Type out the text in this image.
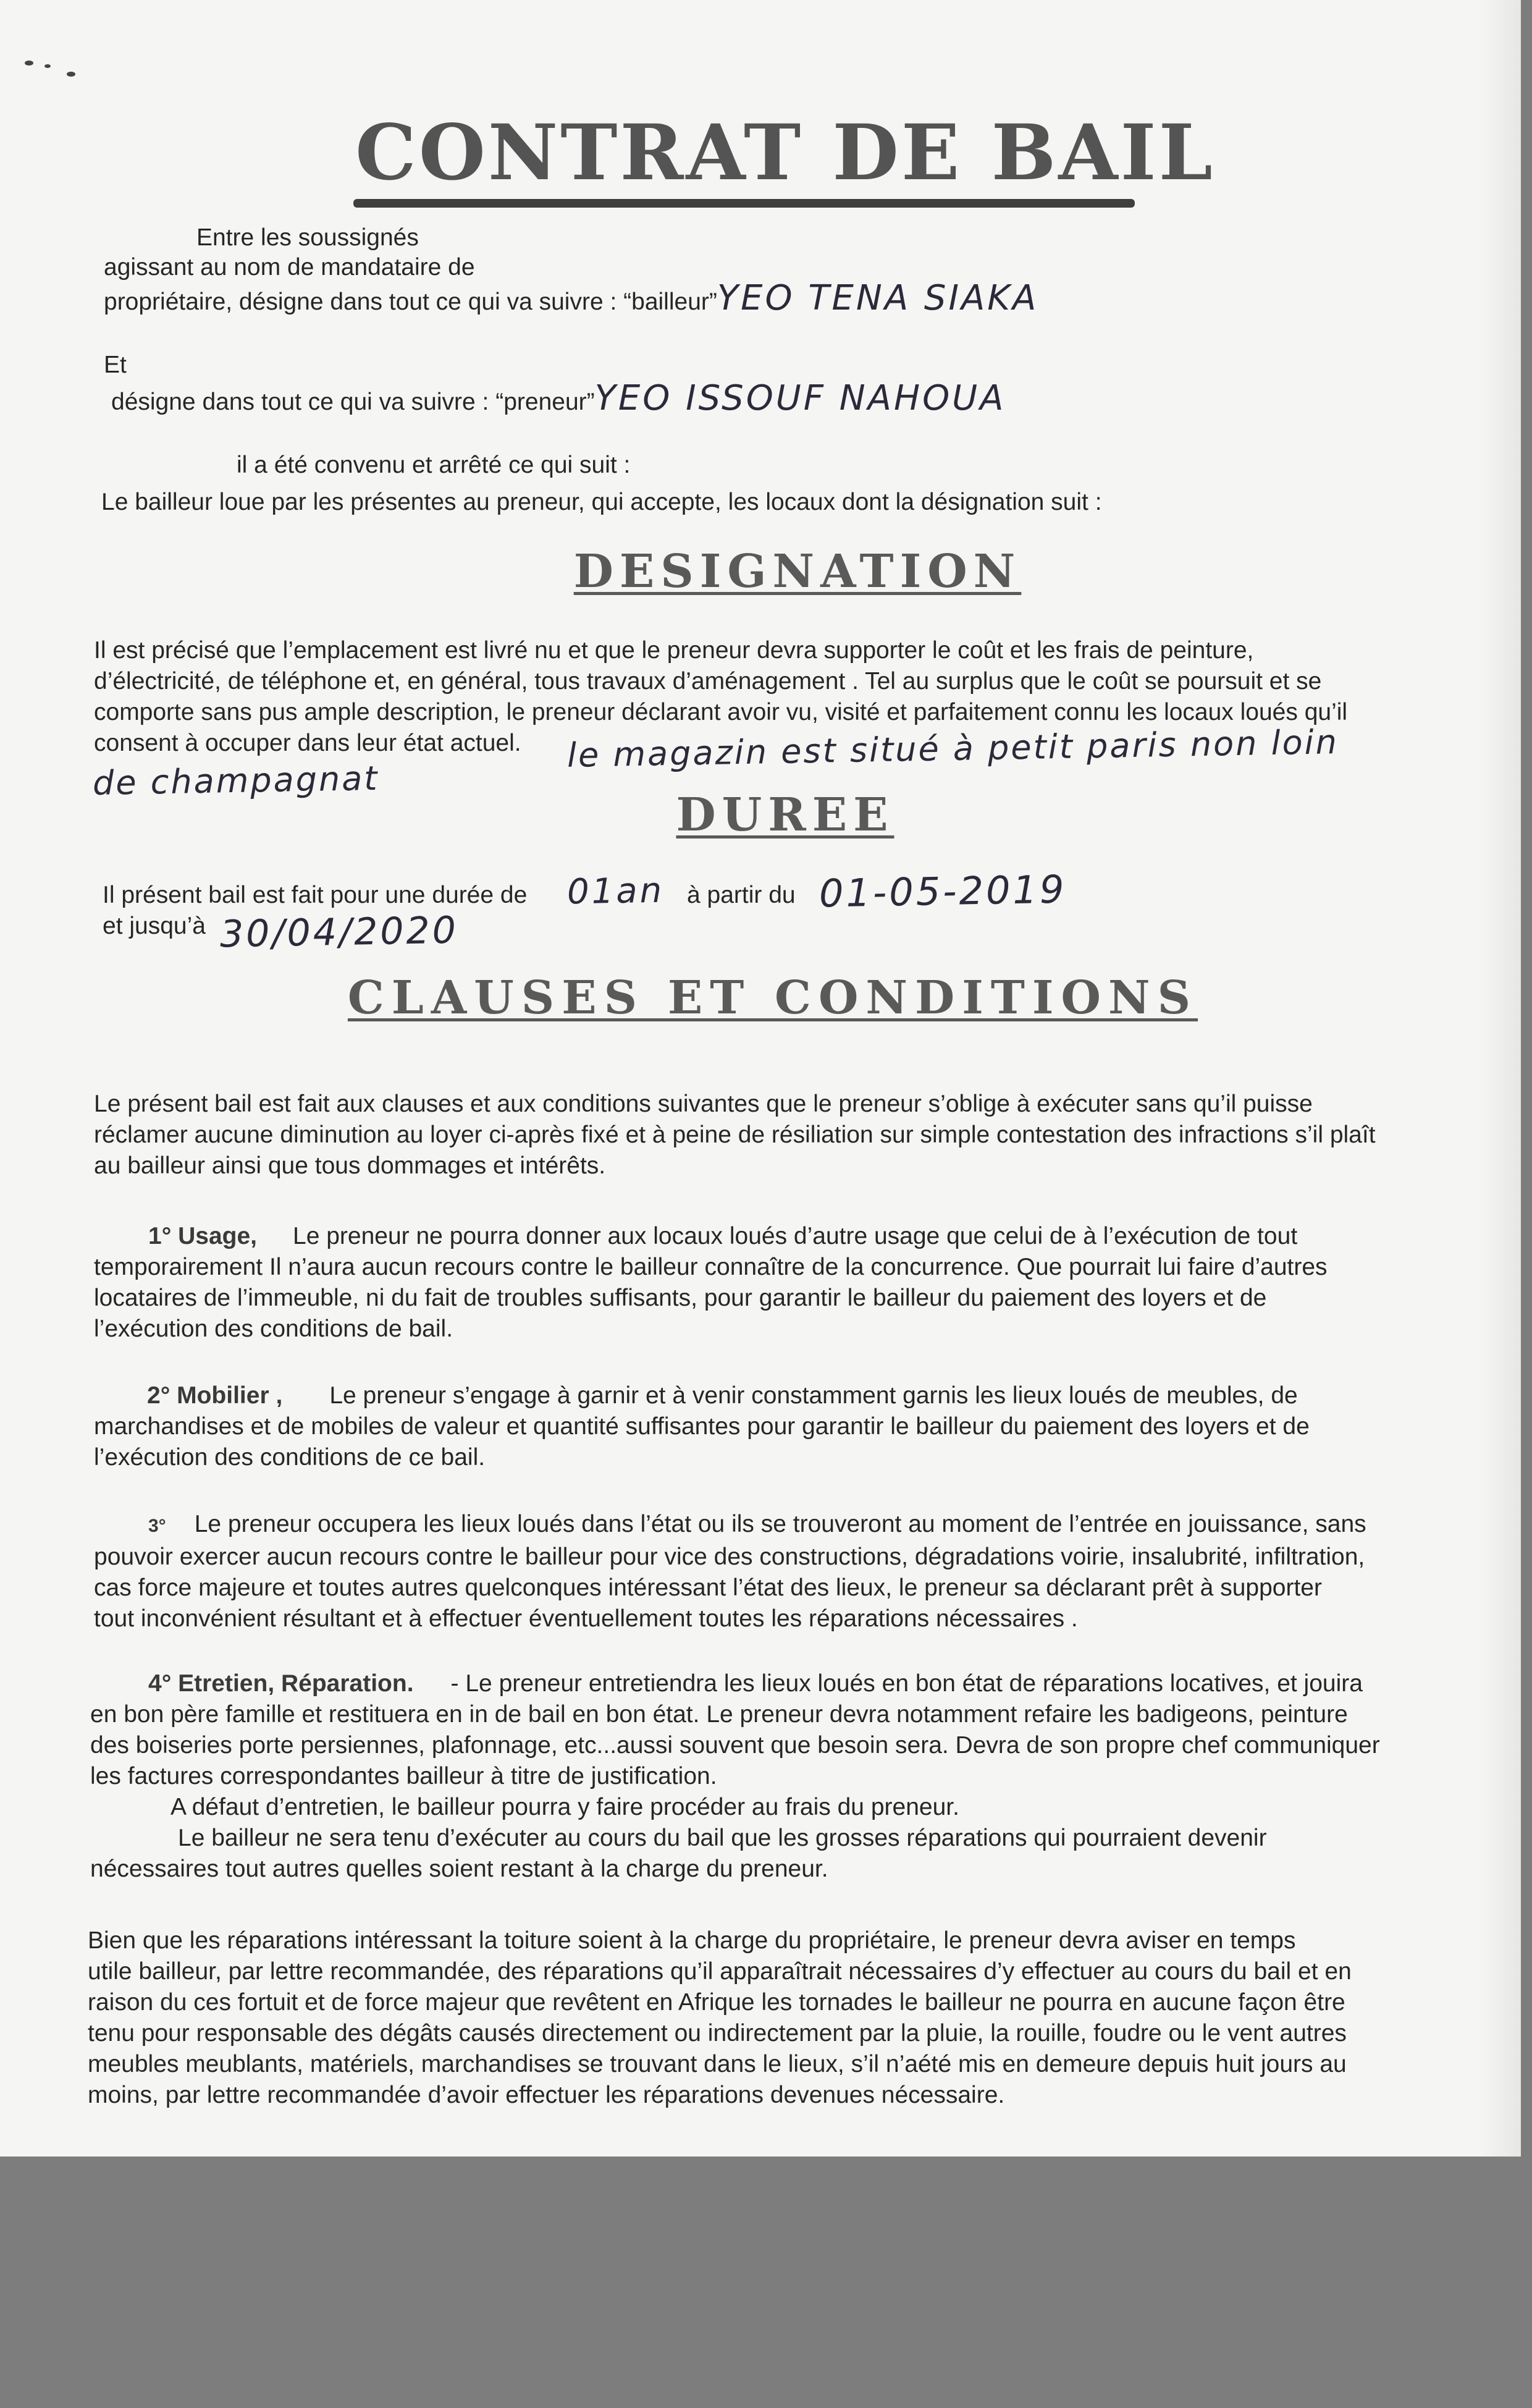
CONTRAT DE BAIL

Entre les soussignés

agissant au nom de mandataire de

propriétaire, désigne dans tout ce qui va suivre : “bailleur”YEO TENA SIAKA

Et

désigne dans tout ce qui va suivre : “preneur”YEO ISSOUF NAHOUA

il a été convenu et arrêté ce qui suit :

Le bailleur loue par les présentes au preneur, qui accepte, les locaux dont la désignation suit :

DESIGNATION

Il est précisé que l’emplacement est livré nu et que le preneur devra supporter le coût et les frais de peinture,

d’électricité, de téléphone et, en général, tous travaux d’aménagement . Tel au surplus que le coût se poursuit et se

comporte sans pus ample description, le preneur déclarant avoir vu, visité et parfaitement connu les locaux loués qu’il

consent à occuper dans leur état actuel.	le magazin est situé à petit paris non loin
de champagnat
DUREE

Il présent bail est fait pour une durée de 01an à partir du 01-05-2019

et jusqu’à 30/04/2020
CLAUSES ET CONDITIONS

Le présent bail est fait aux clauses et aux conditions suivantes que le preneur s’oblige à exécuter sans qu’il puisse

réclamer aucune diminution au loyer ci-après fixé et à peine de résiliation sur simple contestation des infractions s’il plaît

au bailleur ainsi que tous dommages et intérêts.

1° Usage, Le preneur ne pourra donner aux locaux loués d’autre usage que celui de à l’exécution de tout

temporairement Il n’aura aucun recours contre le bailleur connaître de la concurrence. Que pourrait lui faire d’autres

locataires de l’immeuble, ni du fait de troubles suffisants, pour garantir le bailleur du paiement des loyers et de

l’exécution des conditions de bail.

2° Mobilier , Le preneur s’engage à garnir et à venir constamment garnis les lieux loués de meubles, de

marchandises et de mobiles de valeur et quantité suffisantes pour garantir le bailleur du paiement des loyers et de

l’exécution des conditions de ce bail.

3° Le preneur occupera les lieux loués dans l’état ou ils se trouveront au moment de l’entrée en jouissance, sans

pouvoir exercer aucun recours contre le bailleur pour vice des constructions, dégradations voirie, insalubrité, infiltration,

cas force majeure et toutes autres quelconques intéressant l’état des lieux, le preneur sa déclarant prêt à supporter

tout inconvénient résultant et à effectuer éventuellement toutes les réparations nécessaires .

4° Etretien, Réparation. - Le preneur entretiendra les lieux loués en bon état de réparations locatives, et jouira

en bon père famille et restituera en in de bail en bon état. Le preneur devra notamment refaire les badigeons, peinture

des boiseries porte persiennes, plafonnage, etc...aussi souvent que besoin sera. Devra de son propre chef communiquer

les factures correspondantes bailleur à titre de justification.

A défaut d’entretien, le bailleur pourra y faire procéder au frais du preneur.

Le bailleur ne sera tenu d’exécuter au cours du bail que les grosses réparations qui pourraient devenir

nécessaires tout autres quelles soient restant à la charge du preneur.

Bien que les réparations intéressant la toiture soient à la charge du propriétaire, le preneur devra aviser en temps

utile bailleur, par lettre recommandée, des réparations qu’il apparaîtrait nécessaires d’y effectuer au cours du bail et en

raison du ces fortuit et de force majeur que revêtent en Afrique les tornades le bailleur ne pourra en aucune façon être

tenu pour responsable des dégâts causés directement ou indirectement par la pluie, la rouille, foudre ou le vent autres

meubles meublants, matériels, marchandises se trouvant dans le lieux, s’il n’aété mis en demeure depuis huit jours au

moins, par lettre recommandée d’avoir effectuer les réparations devenues nécessaire.
